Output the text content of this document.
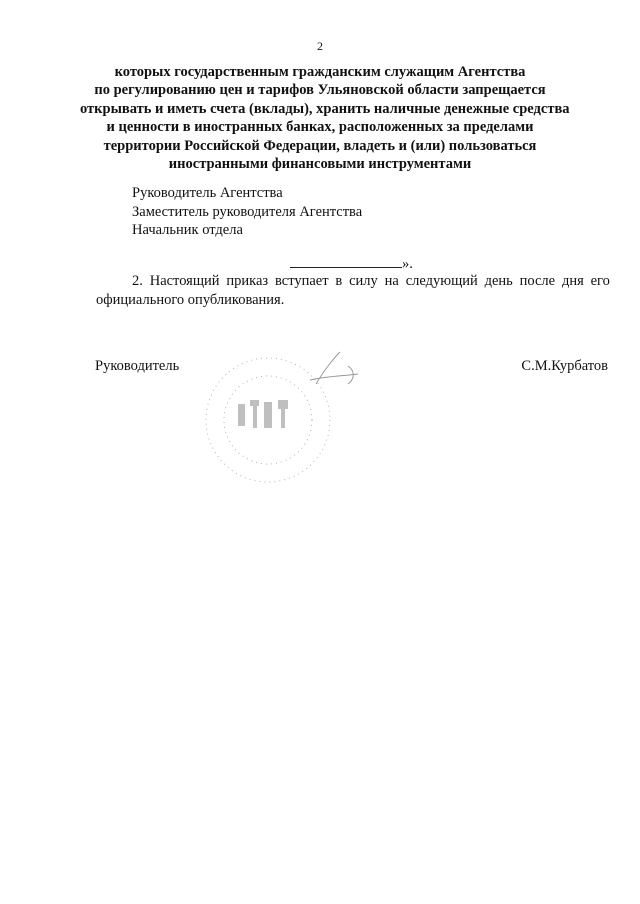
2
которых государственным гражданским служащим Агентства
по регулированию цен и тарифов Ульяновской области запрещается
открывать и иметь счета (вклады), хранить наличные денежные средства
и ценности в иностранных банках, расположенных за пределами
территории Российской Федерации, владеть и (или) пользоваться
иностранными финансовыми инструментами
Руководитель Агентства
Заместитель руководителя Агентства
Начальник отдела
».
2. Настоящий приказ вступает в силу на следующий день после дня его
официального опубликования.
Руководитель	С.М.Курбатов
